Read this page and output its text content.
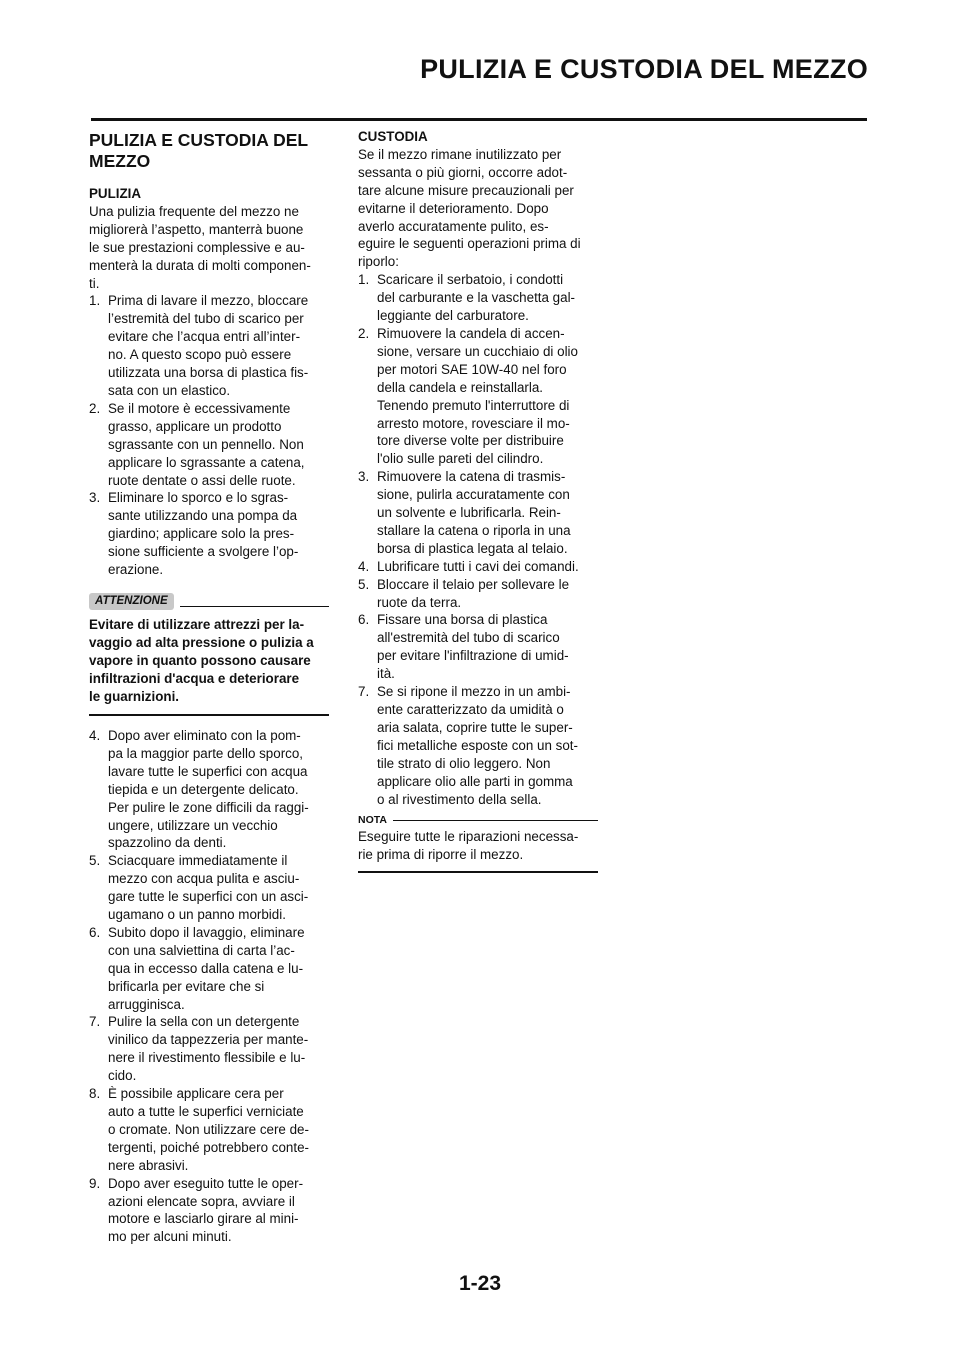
PULIZIA E CUSTODIA DEL MEZZO
PULIZIA E CUSTODIA DEL
MEZZO
PULIZIA

Una pulizia frequente del mezzo ne
migliorerà l’aspetto, manterrà buone
le sue prestazioni complessive e au-
menterà la durata di molti componen-
ti.

1. Prima di lavare il mezzo, bloccare
l’estremità del tubo di scarico per
evitare che l’acqua entri all’inter-
no. A questo scopo può essere
utilizzata una borsa di plastica fis-
sata con un elastico.
2. Se il motore è eccessivamente
grasso, applicare un prodotto
sgrassante con un pennello. Non
applicare lo sgrassante a catena,
ruote dentate o assi delle ruote.
3. Eliminare lo sporco e lo sgras-
sante utilizzando una pompa da
giardino; applicare solo la pres-
sione sufficiente a svolgere l’op-
erazione.
ATTENZIONE
Evitare di utilizzare attrezzi per la-
vaggio ad alta pressione o pulizia a
vapore in quanto possono causare
infiltrazioni d'acqua e deteriorare
le guarnizioni.
4. Dopo aver eliminato con la pom-
pa la maggior parte dello sporco,
lavare tutte le superfici con acqua
tiepida e un detergente delicato.
Per pulire le zone difficili da raggi-
ungere, utilizzare un vecchio
spazzolino da denti.
5. Sciacquare immediatamente il
mezzo con acqua pulita e asciu-
gare tutte le superfici con un asci-
ugamano o un panno morbidi.
6. Subito dopo il lavaggio, eliminare
con una salviettina di carta l’ac-
qua in eccesso dalla catena e lu-
brificarla per evitare che si
arrugginisca.
7. Pulire la sella con un detergente
vinilico da tappezzeria per mante-
nere il rivestimento flessibile e lu-
cido.
8. È possibile applicare cera per
auto a tutte le superfici verniciate
o cromate. Non utilizzare cere de-
tergenti, poiché potrebbero conte-
nere abrasivi.
9. Dopo aver eseguito tutte le oper-
azioni elencate sopra, avviare il
motore e lasciarlo girare al mini-
mo per alcuni minuti.
CUSTODIA

Se il mezzo rimane inutilizzato per
sessanta o più giorni, occorre adot-
tare alcune misure precauzionali per
evitarne il deterioramento. Dopo
averlo accuratamente pulito, es-
eguire le seguenti operazioni prima di
riporlo:

1. Scaricare il serbatoio, i condotti
del carburante e la vaschetta gal-
leggiante del carburatore.
2. Rimuovere la candela di accen-
sione, versare un cucchiaio di olio
per motori SAE 10W-40 nel foro
della candela e reinstallarla.
Tenendo premuto l'interruttore di
arresto motore, rovesciare il mo-
tore diverse volte per distribuire
l'olio sulle pareti del cilindro.
3. Rimuovere la catena di trasmis-
sione, pulirla accuratamente con
un solvente e lubrificarla. Rein-
stallare la catena o riporla in una
borsa di plastica legata al telaio.
4. Lubrificare tutti i cavi dei comandi.
5. Bloccare il telaio per sollevare le
ruote da terra.
6. Fissare una borsa di plastica
all'estremità del tubo di scarico
per evitare l'infiltrazione di umid-
ità.
7. Se si ripone il mezzo in un ambi-
ente caratterizzato da umidità o
aria salata, coprire tutte le super-
fici metalliche esposte con un sot-
tile strato di olio leggero. Non
applicare olio alle parti in gomma
o al rivestimento della sella.
NOTA

Eseguire tutte le riparazioni necessa-
rie prima di riporre il mezzo.

1-23
